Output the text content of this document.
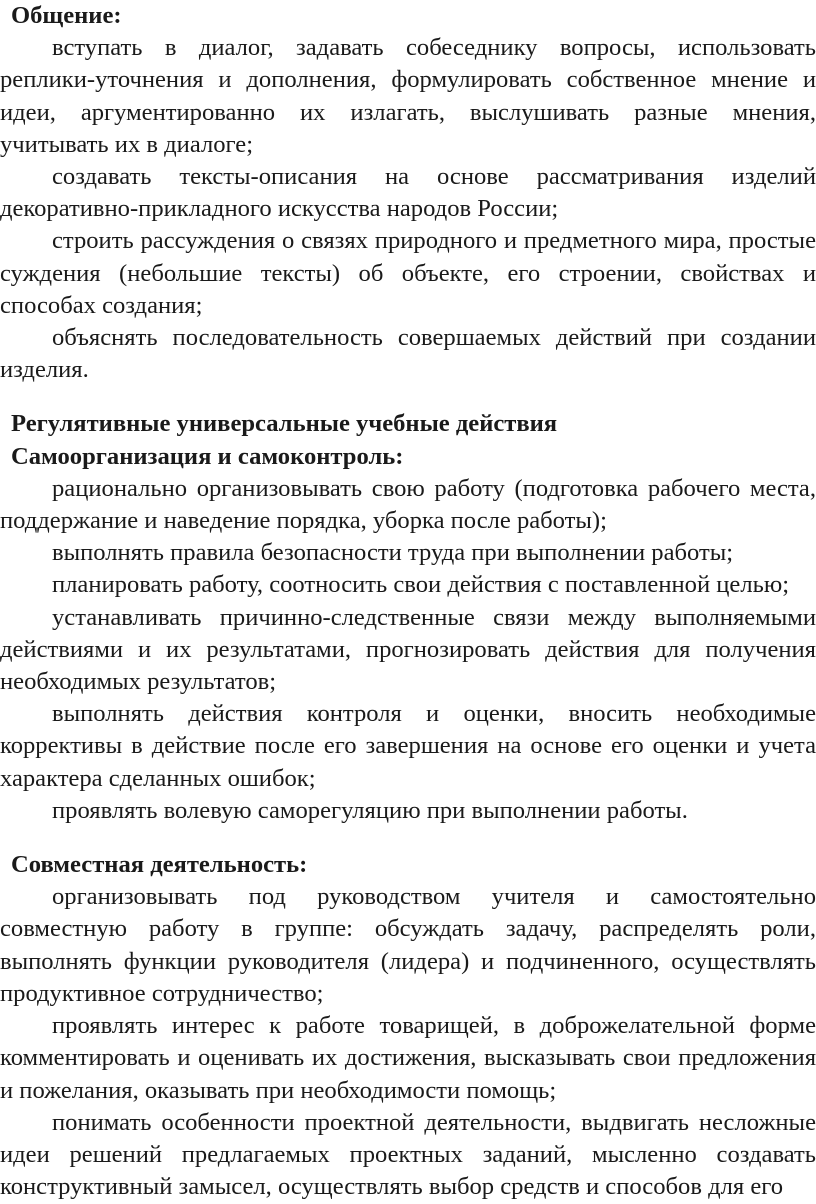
Общение:

вступать в диалог, задавать собеседнику вопросы, использовать реплики-уточнения и дополнения, формулировать собственное мнение и идеи, аргументированно их излагать, выслушивать разные мнения, учитывать их в диалоге;

создавать тексты-описания на основе рассматривания изделий декоративно-прикладного искусства народов России;

строить рассуждения о связях природного и предметного мира, простые суждения (небольшие тексты) об объекте, его строении, свойствах и способах создания;

объяснять последовательность совершаемых действий при создании изделия.

Регулятивные универсальные учебные действия

Самоорганизация и самоконтроль:

рационально организовывать свою работу (подготовка рабочего места, поддержание и наведение порядка, уборка после работы);

выполнять правила безопасности труда при выполнении работы;

планировать работу, соотносить свои действия с поставленной целью;

устанавливать причинно-следственные связи между выполняемыми действиями и их результатами, прогнозировать действия для получения необходимых результатов;

выполнять действия контроля и оценки, вносить необходимые коррективы в действие после его завершения на основе его оценки и учета характера сделанных ошибок;

проявлять волевую саморегуляцию при выполнении работы.

Совместная деятельность:

организовывать под руководством учителя и самостоятельно совместную работу в группе: обсуждать задачу, распределять роли, выполнять функции руководителя (лидера) и подчиненного, осуществлять продуктивное сотрудничество;

проявлять интерес к работе товарищей, в доброжелательной форме комментировать и оценивать их достижения, высказывать свои предложения и пожелания, оказывать при необходимости помощь;

понимать особенности проектной деятельности, выдвигать несложные идеи решений предлагаемых проектных заданий, мысленно создавать конструктивный замысел, осуществлять выбор средств и способов для его
